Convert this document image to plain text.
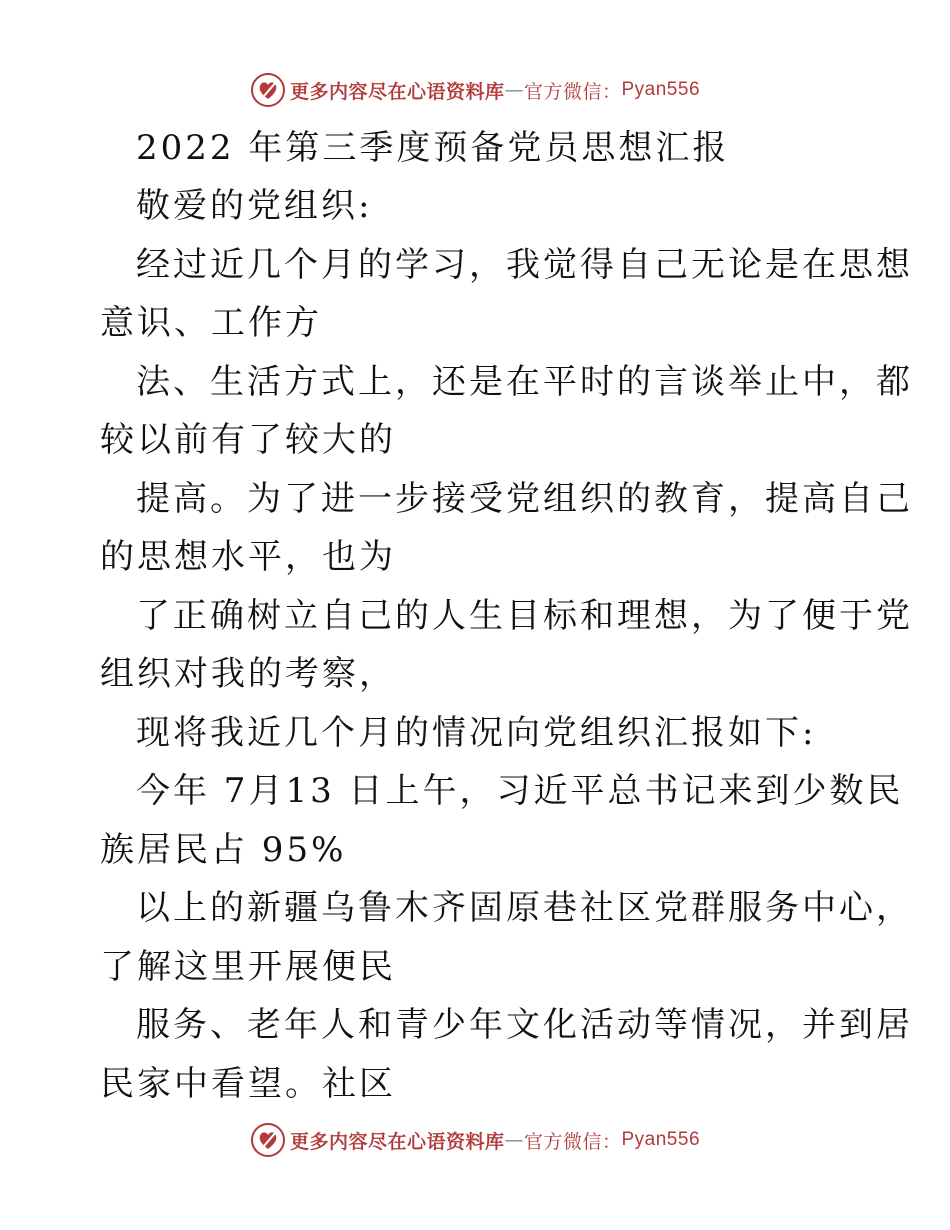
更多内容尽在心语资料库 — 官方微信： Pyan556
2022 年第三季度预备党员思想汇报
敬爱的党组织:
经过近几个月的学习，我觉得自己无论是在思想
意识、工作方
法、生活方式上，还是在平时的言谈举止中，都
较以前有了较大的
提高。为了进一步接受党组织的教育，提高自己
的思想水平，也为
了正确树立自己的人生目标和理想，为了便于党
组织对我的考察，
现将我近几个月的情况向党组织汇报如下:
今年 7月13 日上午，习近平总书记来到少数民
族居民占 95%
以上的新疆乌鲁木齐固原巷社区党群服务中心，
了解这里开展便民
服务、老年人和青少年文化活动等情况，并到居
民家中看望。社区
更多内容尽在心语资料库 — 官方微信： Pyan556
